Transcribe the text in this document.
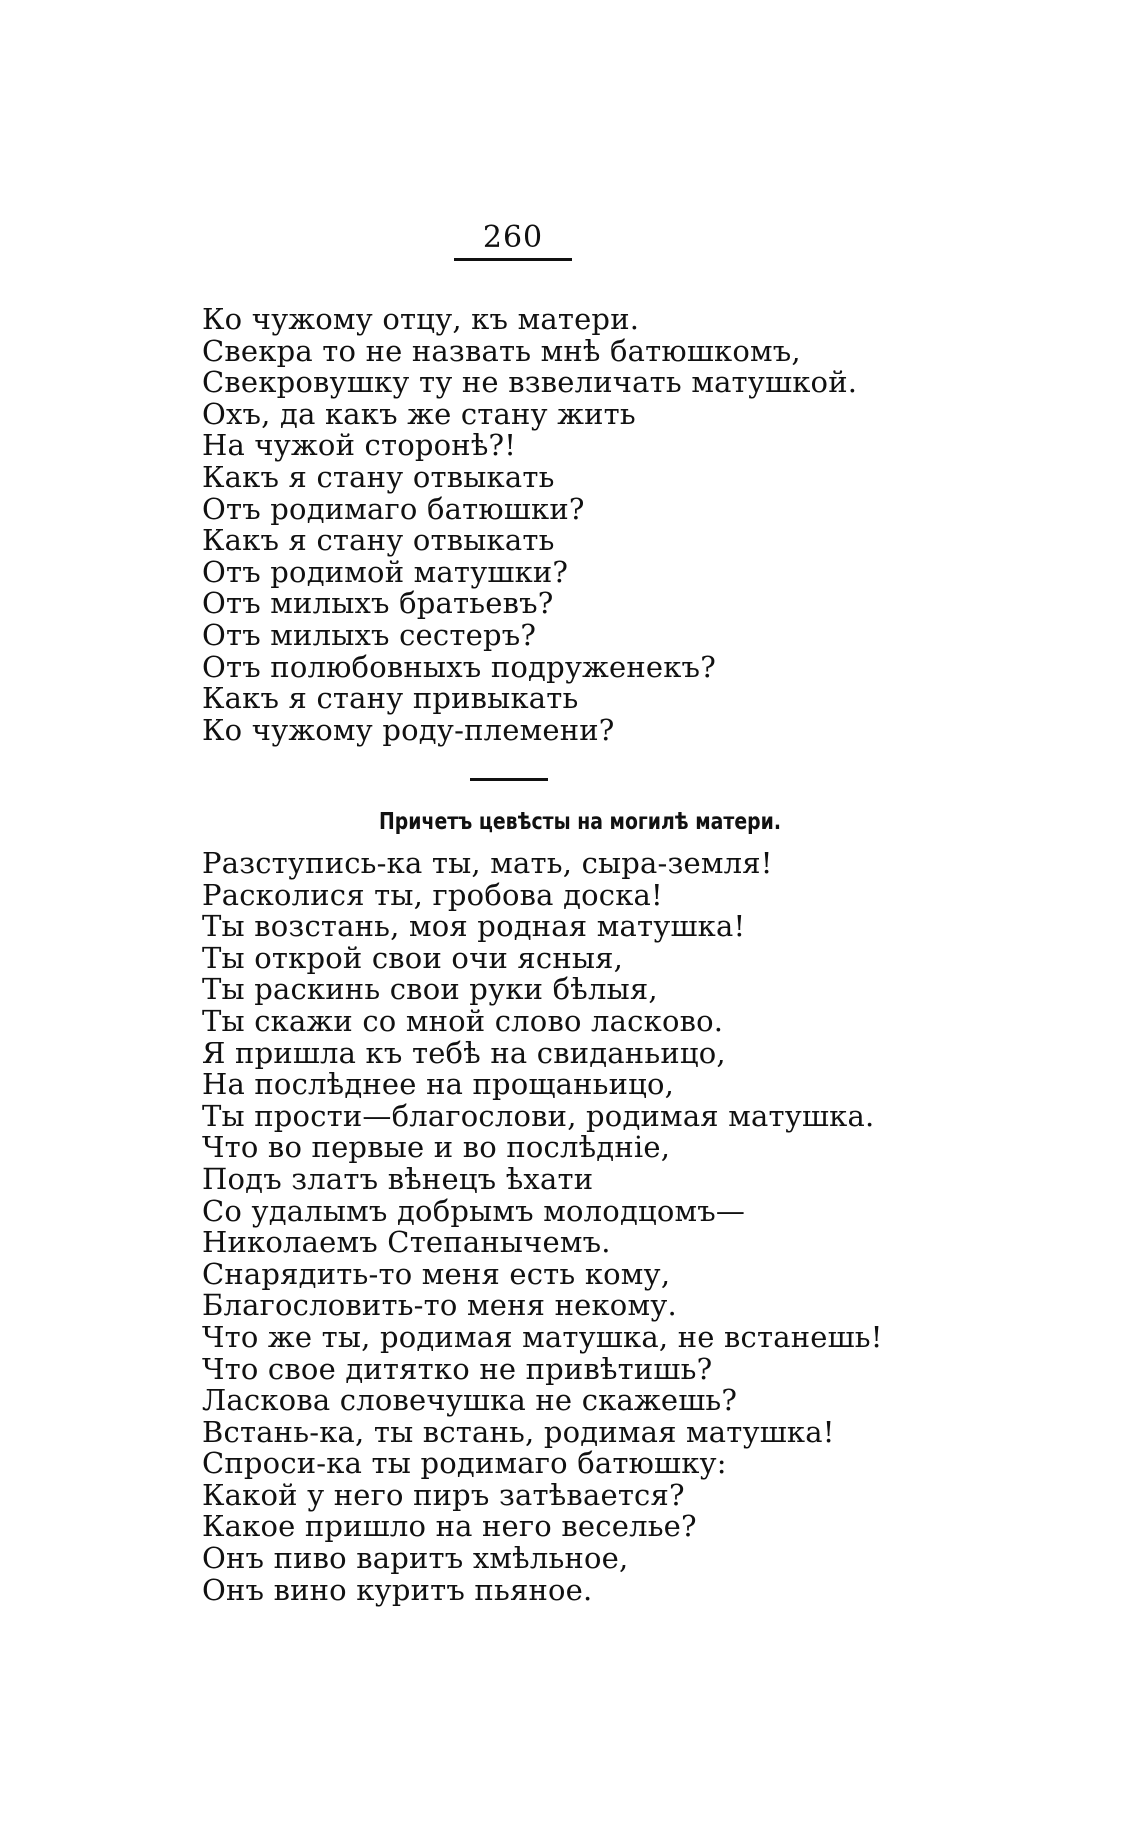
260
Ко чужому отцу, къ матери.
Свекра то не назвать мнѣ батюшкомъ,
Свекровушку ту не взвеличать матушкой.
Охъ, да какъ же стану жить
На чужой сторонѣ?!
Какъ я стану отвыкать
Отъ родимаго батюшки?
Какъ я стану отвыкать
Отъ родимой матушки?
Отъ милыхъ братьевъ?
Отъ милыхъ сестеръ?
Отъ полюбовныхъ подруженекъ?
Какъ я стану привыкать
Ко чужому роду-племени?
Причетъ цевѣсты на могилѣ матери.
Разступись-ка ты, мать, сыра-земля!
Расколися ты, гробова доска!
Ты возстань, моя родная матушка!
Ты открой свои очи ясныя,
Ты раскинь свои руки бѣлыя,
Ты скажи со мной слово ласково.
Я пришла къ тебѣ на свиданьицо,
На послѣднее на прощаньицо,
Ты прости—благослови, родимая матушка.
Что во первые и во послѣдніе,
Подъ златъ вѣнецъ ѣхати
Со удалымъ добрымъ молодцомъ—
Николаемъ Степанычемъ.
Снарядить-то меня есть кому,
Благословить-то меня некому.
Что же ты, родимая матушка, не встанешь!
Что свое дитятко не привѣтишь?
Ласкова словечушка не скажешь?
Встань-ка, ты встань, родимая матушка!
Спроси-ка ты родимаго батюшку:
Какой у него пиръ затѣвается?
Какое пришло на него веселье?
Онъ пиво варитъ хмѣльное,
Онъ вино куритъ пьяное.
